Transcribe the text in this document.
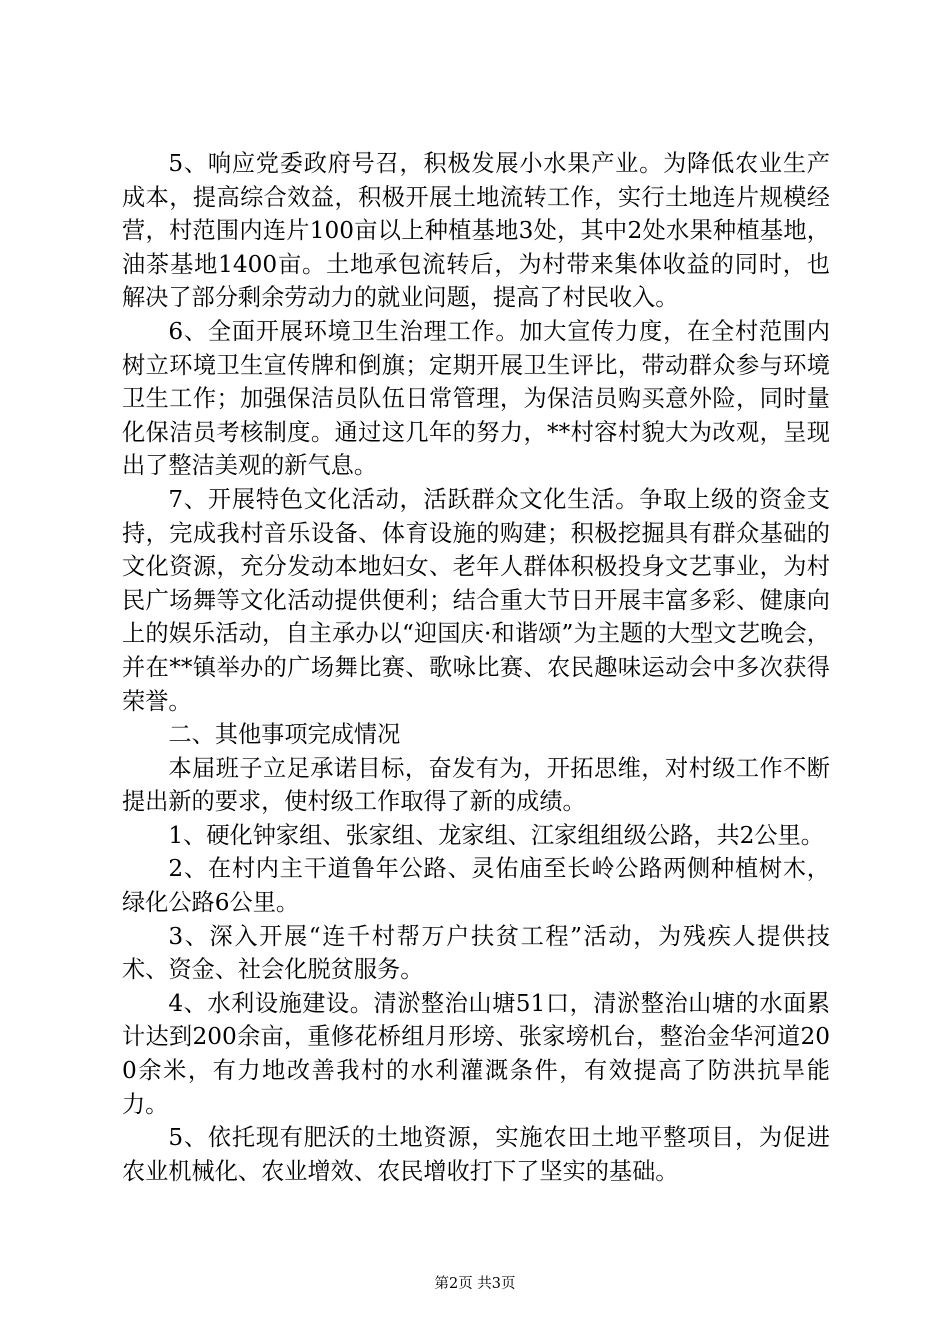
5、响应党委政府号召，积极发展小水果产业。为降低农业生产成本，提高综合效益，积极开展土地流转工作，实行土地连片规模经营，村范围内连片100亩以上种植基地3处，其中2处水果种植基地，油茶基地1400亩。土地承包流转后，为村带来集体收益的同时，也解决了部分剩余劳动力的就业问题，提高了村民收入。

6、全面开展环境卫生治理工作。加大宣传力度，在全村范围内树立环境卫生宣传牌和倒旗；定期开展卫生评比，带动群众参与环境卫生工作；加强保洁员队伍日常管理，为保洁员购买意外险，同时量化保洁员考核制度。通过这几年的努力，**村容村貌大为改观，呈现出了整洁美观的新气息。

7、开展特色文化活动，活跃群众文化生活。争取上级的资金支持，完成我村音乐设备、体育设施的购建；积极挖掘具有群众基础的文化资源，充分发动本地妇女、老年人群体积极投身文艺事业，为村民广场舞等文化活动提供便利；结合重大节日开展丰富多彩、健康向上的娱乐活动，自主承办以“迎国庆·和谐颂”为主题的大型文艺晚会，并在**镇举办的广场舞比赛、歌咏比赛、农民趣味运动会中多次获得荣誉。

二、其他事项完成情况

本届班子立足承诺目标，奋发有为，开拓思维，对村级工作不断提出新的要求，使村级工作取得了新的成绩。

1、硬化钟家组、张家组、龙家组、江家组组级公路，共2公里。

2、在村内主干道鲁年公路、灵佑庙至长岭公路两侧种植树木，绿化公路6公里。

3、深入开展“连千村帮万户扶贫工程”活动，为残疾人提供技术、资金、社会化脱贫服务。

4、水利设施建设。清淤整治山塘51口，清淤整治山塘的水面累计达到200余亩，重修花桥组月形塝、张家塝机台，整治金华河道200余米，有力地改善我村的水利灌溉条件，有效提高了防洪抗旱能力。

5、依托现有肥沃的土地资源，实施农田土地平整项目，为促进农业机械化、农业增效、农民增收打下了坚实的基础。

第2页 共3页
